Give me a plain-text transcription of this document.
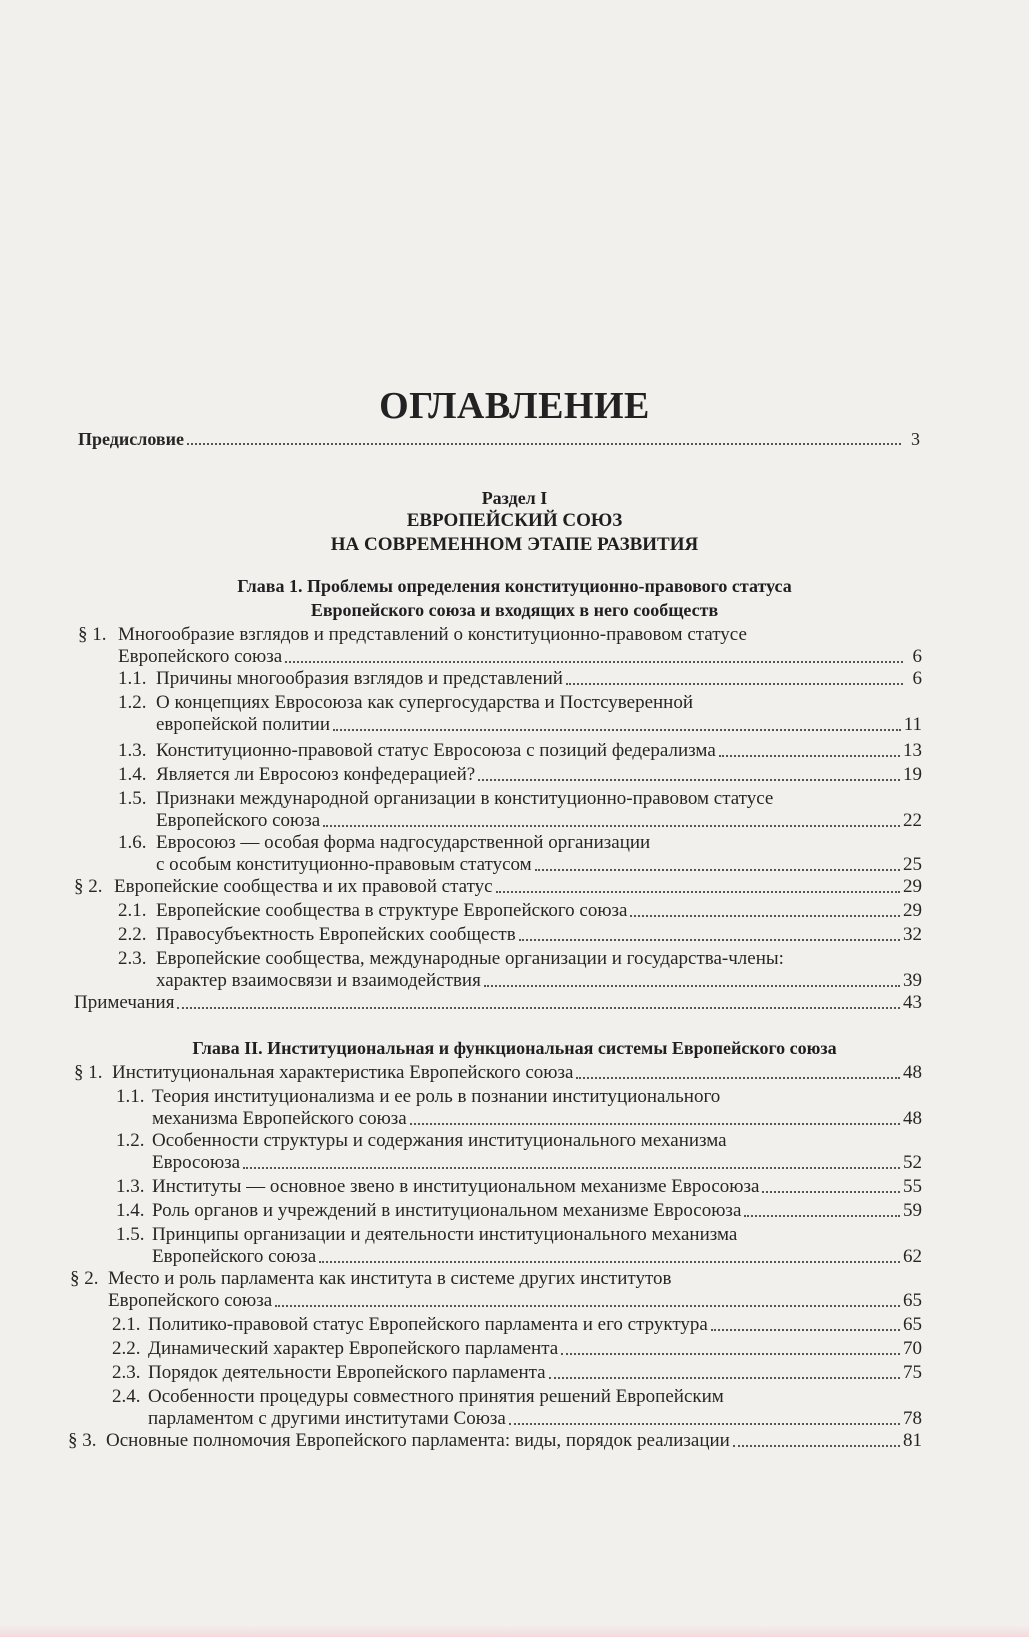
ОГЛАВЛЕНИЕ
Предисловие	3
Раздел I
ЕВРОПЕЙСКИЙ СОЮЗ
НА СОВРЕМЕННОМ ЭТАПЕ РАЗВИТИЯ
Глава 1. Проблемы определения конституционно-правового статуса
Европейского союза и входящих в него сообществ
§ 1. Многообразие взглядов и представлений о конституционно-правовом статусе
Европейского союза	6
1.1. Причины многообразия взглядов и представлений	6
1.2. О концепциях Евросоюза как супергосударства и Постсуверенной
европейской политии	11
1.3. Конституционно-правовой статус Евросоюза с позиций федерализма	13
1.4. Является ли Евросоюз конфедерацией?	19
1.5. Признаки международной организации в конституционно-правовом статусе
Европейского союза	22
1.6. Евросоюз — особая форма надгосударственной организации
с особым конституционно-правовым статусом	25
§ 2. Европейские сообщества и их правовой статус	29
2.1. Европейские сообщества в структуре Европейского союза	29
2.2. Правосубъектность Европейских сообществ	32
2.3. Европейские сообщества, международные организации и государства-члены:
характер взаимосвязи и взаимодействия	39
Примечания	43
Глава II. Институциональная и функциональная системы Европейского союза
§ 1. Институциональная характеристика Европейского союза	48
1.1. Теория институционализма и ее роль в познании институционального
механизма Европейского союза	48
1.2. Особенности структуры и содержания институционального механизма
Евросоюза	52
1.3. Институты — основное звено в институциональном механизме Евросоюза	55
1.4. Роль органов и учреждений в институциональном механизме Евросоюза	59
1.5. Принципы организации и деятельности институционального механизма
Европейского союза	62
§ 2. Место и роль парламента как института в системе других институтов
Европейского союза	65
2.1. Политико-правовой статус Европейского парламента и его структура	65
2.2. Динамический характер Европейского парламента	70
2.3. Порядок деятельности Европейского парламента	75
2.4. Особенности процедуры совместного принятия решений Европейским
парламентом с другими институтами Союза	78
§ 3. Основные полномочия Европейского парламента: виды, порядок реализации	81
